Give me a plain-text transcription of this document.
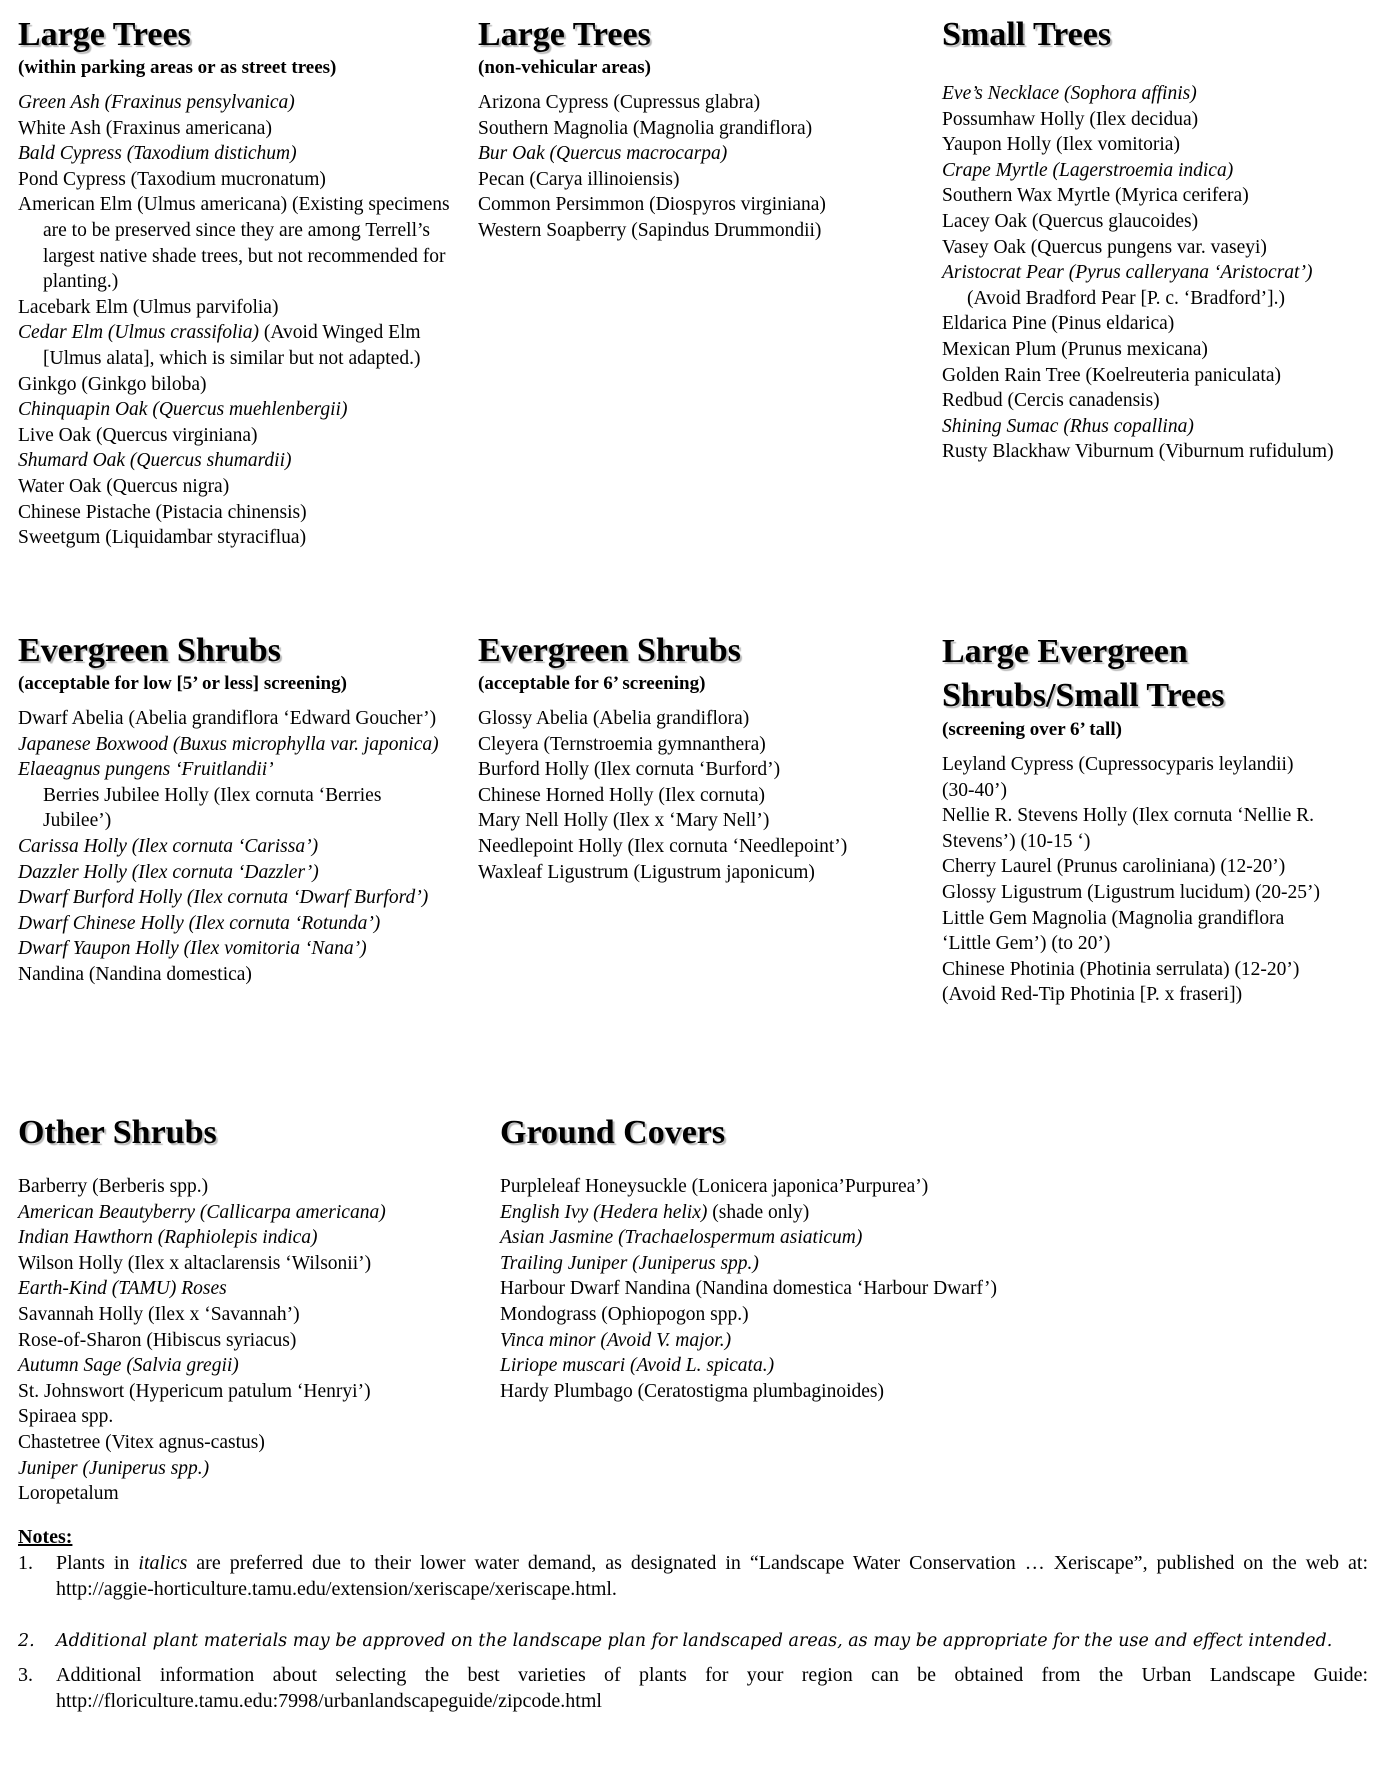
Large Trees

(within parking areas or as street trees)

Green Ash (Fraxinus pensylvanica)
White Ash (Fraxinus americana)
Bald Cypress (Taxodium distichum)
Pond Cypress (Taxodium mucronatum)
American Elm (Ulmus americana) (Existing specimens are to be preserved since they are among Terrell’s largest native shade trees, but not recommended for planting.)
Lacebark Elm (Ulmus parvifolia)
Cedar Elm (Ulmus crassifolia) (Avoid Winged Elm [Ulmus alata], which is similar but not adapted.)
Ginkgo (Ginkgo biloba)
Chinquapin Oak (Quercus muehlenbergii)
Live Oak (Quercus virginiana)
Shumard Oak (Quercus shumardii)
Water Oak (Quercus nigra)
Chinese Pistache (Pistacia chinensis)
Sweetgum (Liquidambar styraciflua)
Large Trees

(non-vehicular areas)

Arizona Cypress (Cupressus glabra)
Southern Magnolia (Magnolia grandiflora)
Bur Oak (Quercus macrocarpa)
Pecan (Carya illinoiensis)
Common Persimmon (Diospyros virginiana)
Western Soapberry (Sapindus Drummondii)
Small Trees
Eve’s Necklace (Sophora affinis)
Possumhaw Holly (Ilex decidua)
Yaupon Holly (Ilex vomitoria)
Crape Myrtle (Lagerstroemia indica)
Southern Wax Myrtle (Myrica cerifera)
Lacey Oak (Quercus glaucoides)
Vasey Oak (Quercus pungens var. vaseyi)
Aristocrat Pear (Pyrus calleryana ‘Aristocrat’) (Avoid Bradford Pear [P. c. ‘Bradford’].)
Eldarica Pine (Pinus eldarica)
Mexican Plum (Prunus mexicana)
Golden Rain Tree (Koelreuteria paniculata)
Redbud (Cercis canadensis)
Shining Sumac (Rhus copallina)
Rusty Blackhaw Viburnum (Viburnum rufidulum)
Evergreen Shrubs

(acceptable for low [5’ or less] screening)

Dwarf Abelia (Abelia grandiflora ‘Edward Goucher’)
Japanese Boxwood (Buxus microphylla var. japonica)
Elaeagnus pungens ‘Fruitlandii’
Berries Jubilee Holly (Ilex cornuta ‘Berries Jubilee’)
Carissa Holly (Ilex cornuta ‘Carissa’)
Dazzler Holly (Ilex cornuta ‘Dazzler’)
Dwarf Burford Holly (Ilex cornuta ‘Dwarf Burford’)
Dwarf Chinese Holly (Ilex cornuta ‘Rotunda’)
Dwarf Yaupon Holly (Ilex vomitoria ‘Nana’)
Nandina (Nandina domestica)
Evergreen Shrubs

(acceptable for 6’ screening)

Glossy Abelia (Abelia grandiflora)
Cleyera (Ternstroemia gymnanthera)
Burford Holly (Ilex cornuta ‘Burford’)
Chinese Horned Holly (Ilex cornuta)
Mary Nell Holly (Ilex x ‘Mary Nell’)
Needlepoint Holly (Ilex cornuta ‘Needlepoint’)
Waxleaf Ligustrum (Ligustrum japonicum)
Large Evergreen Shrubs/Small Trees

(screening over 6’ tall)

Leyland Cypress (Cupressocyparis leylandii) (30-40’)
Nellie R. Stevens Holly (Ilex cornuta ‘Nellie R. Stevens’) (10-15 ‘)
Cherry Laurel (Prunus caroliniana) (12-20’)
Glossy Ligustrum (Ligustrum lucidum) (20-25’)
Little Gem Magnolia (Magnolia grandiflora ‘Little Gem’) (to 20’)
Chinese Photinia (Photinia serrulata) (12-20’) (Avoid Red-Tip Photinia [P. x fraseri])
Other Shrubs
Barberry (Berberis spp.)
American Beautyberry (Callicarpa americana)
Indian Hawthorn (Raphiolepis indica)
Wilson Holly (Ilex x altaclarensis ‘Wilsonii’)
Earth-Kind (TAMU) Roses
Savannah Holly (Ilex x ‘Savannah’)
Rose-of-Sharon (Hibiscus syriacus)
Autumn Sage (Salvia gregii)
St. Johnswort (Hypericum patulum ‘Henryi’)
Spiraea spp.
Chastetree (Vitex agnus-castus)
Juniper (Juniperus spp.)
Loropetalum
Ground Covers
Purpleleaf Honeysuckle (Lonicera japonica’Purpurea’)
English Ivy (Hedera helix) (shade only)
Asian Jasmine (Trachaelospermum asiaticum)
Trailing Juniper (Juniperus spp.)
Harbour Dwarf Nandina (Nandina domestica ‘Harbour Dwarf’)
Mondograss (Ophiopogon spp.)
Vinca minor (Avoid V. major.)
Liriope muscari (Avoid L. spicata.)
Hardy Plumbago (Ceratostigma plumbaginoides)
Notes:
1.	Plants in italics are preferred due to their lower water demand, as designated in “Landscape Water Conservation … Xeriscape”, published on the web at: http://aggie-horticulture.tamu.edu/extension/xeriscape/xeriscape.html.
2.	Additional plant materials may be approved on the landscape plan for landscaped areas, as may be appropriate for the use and effect intended.
3.	Additional information about selecting the best varieties of plants for your region can be obtained from the Urban Landscape Guide: http://floriculture.tamu.edu:7998/urbanlandscapeguide/zipcode.html
